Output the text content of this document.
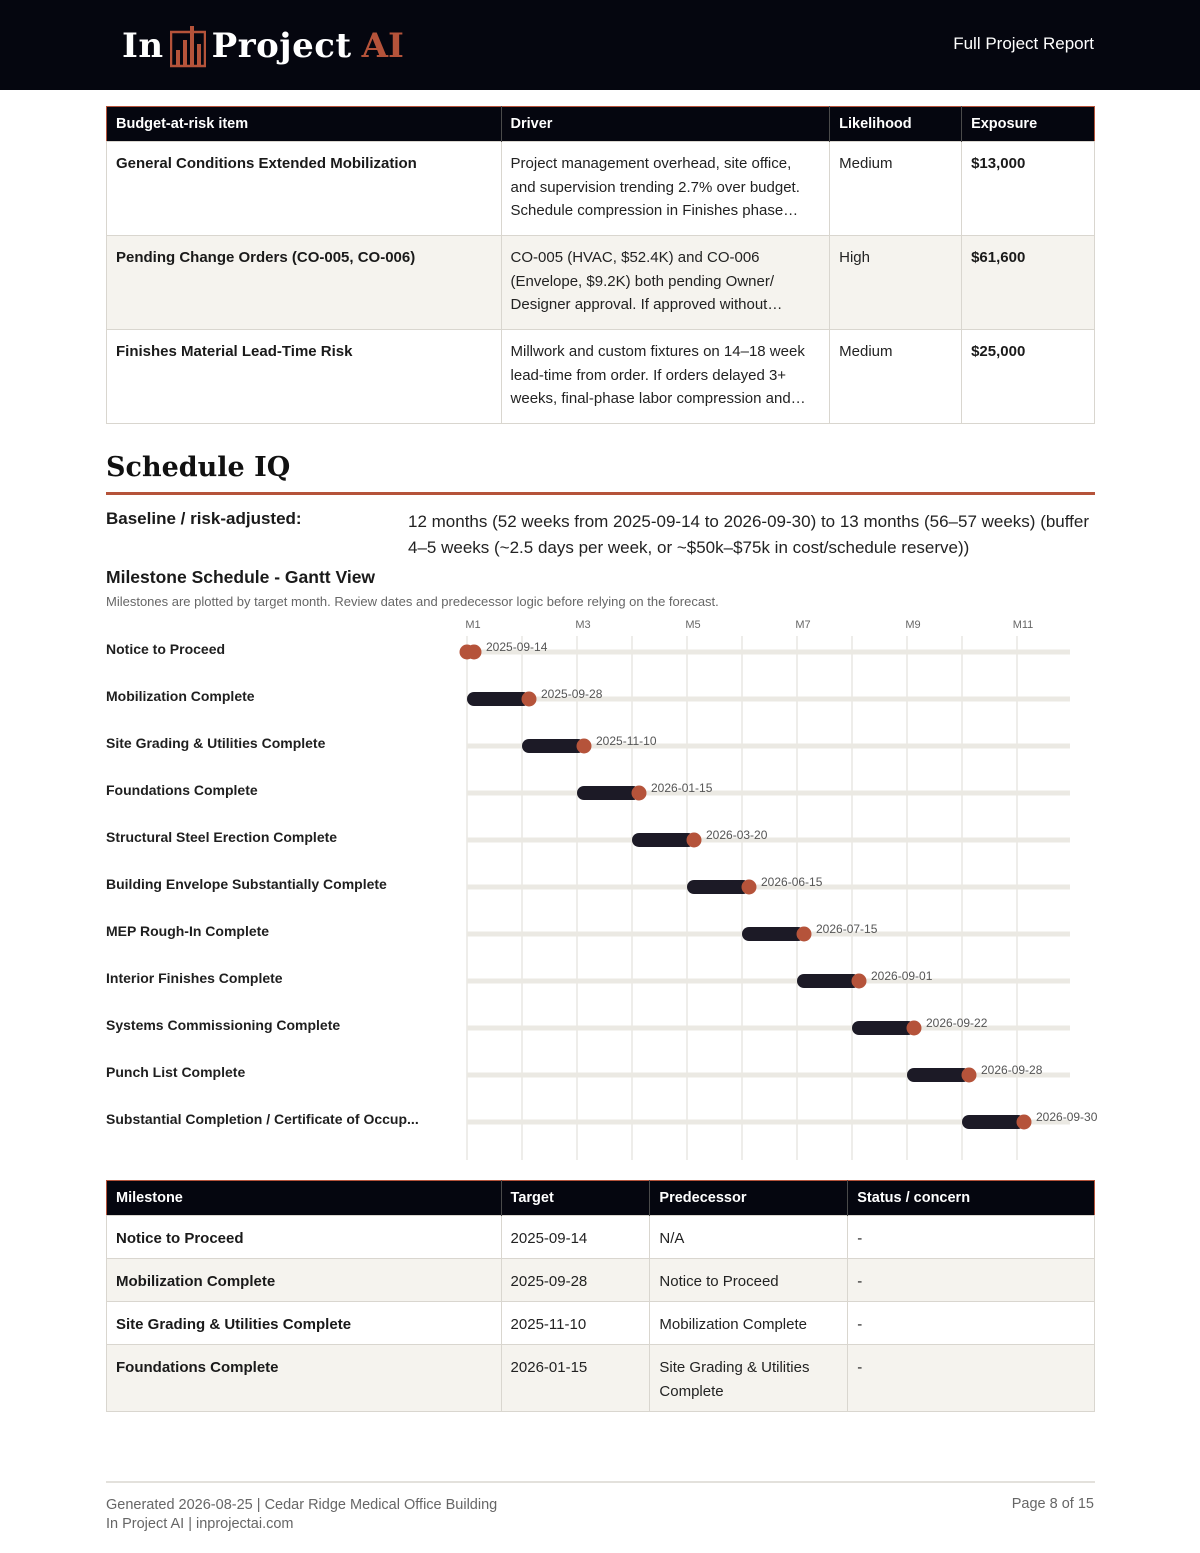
In Project AI	Full Project Report
Budget-at-risk item	Driver	Likelihood	Exposure
General Conditions Extended Mobilization	Project management overhead, site office,
and supervision trending 2.7% over budget.
Schedule compression in Finishes phase…	Medium	$13,000
Pending Change Orders (CO-005, CO-006)	CO-005 (HVAC, $52.4K) and CO-006
(Envelope, $9.2K) both pending Owner/
Designer approval. If approved without…	High	$61,600
Finishes Material Lead-Time Risk	Millwork and custom fixtures on 14–18 week
lead-time from order. If orders delayed 3+
weeks, final-phase labor compression and…	Medium	$25,000
Schedule IQ
Baseline / risk-adjusted:	12 months (52 weeks from 2025-09-14 to 2026-09-30) to 13 months (56–57 weeks) (buffer 4–5 weeks (~2.5 days per week, or ~$50k–$75k in cost/schedule reserve))
Milestone Schedule - Gantt View
Milestones are plotted by target month. Review dates and predecessor logic before relying on the forecast.
Notice to Proceed
Mobilization Complete
Site Grading & Utilities Complete
Foundations Complete
Structural Steel Erection Complete
Building Envelope Substantially Complete
MEP Rough-In Complete
Interior Finishes Complete
Systems Commissioning Complete
Punch List Complete
Substantial Completion / Certificate of Occup...
M1	M3	M5	M7	M9	M11
2025-09-14
2025-09-28
2025-11-10
2026-01-15
2026-03-20
2026-06-15
2026-07-15
2026-09-01
2026-09-22
2026-09-28
2026-09-30
Milestone	Target	Predecessor	Status / concern
Notice to Proceed	2025-09-14	N/A	-
Mobilization Complete	2025-09-28	Notice to Proceed	-
Site Grading & Utilities Complete	2025-11-10	Mobilization Complete	-
Foundations Complete	2026-01-15	Site Grading & Utilities
Complete	-
Generated 2026-08-25 | Cedar Ridge Medical Office Building
In Project AI | inprojectai.com
Page 8 of 15
